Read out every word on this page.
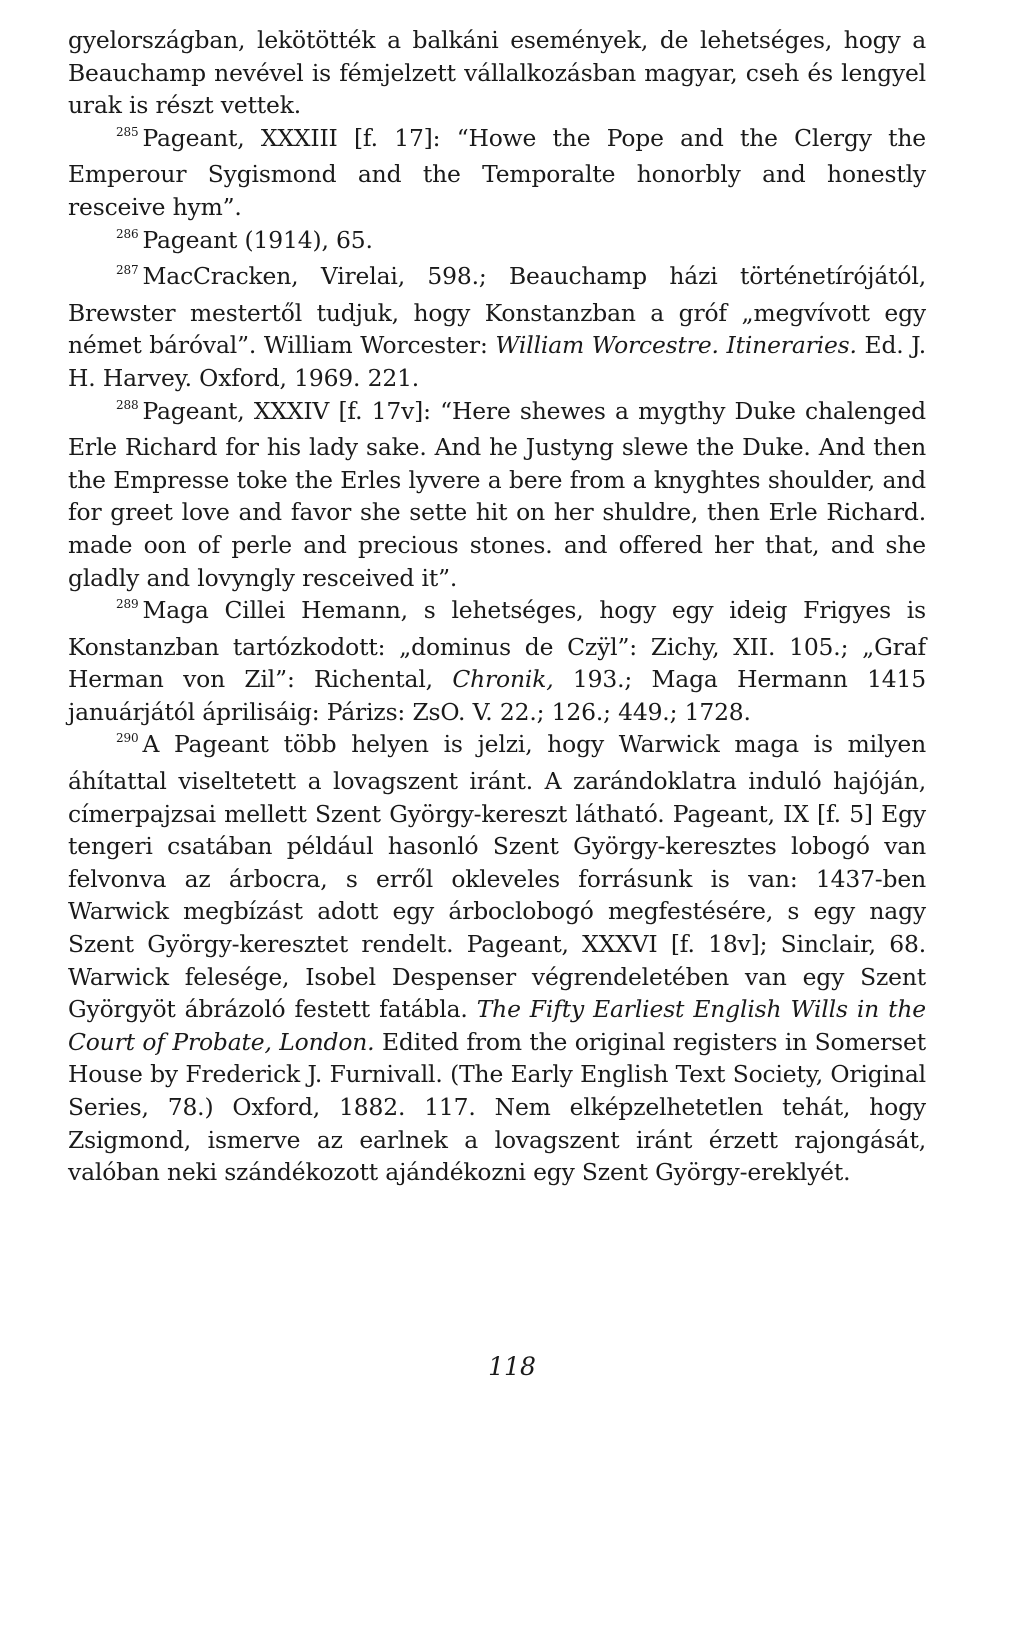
gyelországban, lekötötték a balkáni események, de lehetséges, hogy a Beauchamp nevével is fémjelzett vállalkozásban magyar, cseh és lengyel urak is részt vettek.

$^{285}$ Pageant, XXXIII [f. 17]: “Howe the Pope and the Clergy the Emperour Sygismond and the Temporalte honorbly and honestly resceive hym”.

$^{286}$ Pageant (1914), 65.

$^{287}$ MacCracken, Virelai, 598.; Beauchamp házi történetírójától, Brewster mestertől tudjuk, hogy Konstanzban a gróf „megvívott egy német báróval”. William Worcester: William Worcestre. Itineraries. Ed. J. H. Harvey. Oxford, 1969. 221.

$^{288}$ Pageant, XXXIV [f. 17v]: “Here shewes a mygthy Duke chalenged Erle Richard for his lady sake. And he Justyng slewe the Duke. And then the Empresse toke the Erles lyvere a bere from a knyghtes shoulder, and for greet love and favor she sette hit on her shuldre, then Erle Richard. made oon of perle and precious stones. and offered her that, and she gladly and lovyngly resceived it”.

$^{289}$ Maga Cillei Hemann, s lehetséges, hogy egy ideig Frigyes is Konstanzban tartózkodott: „dominus de Czÿl”: Zichy, XII. 105.; „Graf Herman von Zil”: Richental, Chronik, 193.; Maga Hermann 1415 januárjától áprilisáig: Párizs: ZsO. V. 22.; 126.; 449.; 1728.

$^{290}$ A Pageant több helyen is jelzi, hogy Warwick maga is milyen áhítattal viseltetett a lovagszent iránt. A zarándoklatra induló hajóján, címerpajzsai mellett Szent György-kereszt látható. Pageant, IX [f. 5] Egy tengeri csatában például hasonló Szent György-keresztes lobogó van felvonva az árbocra, s erről okleveles forrásunk is van: 1437-ben Warwick megbízást adott egy árboclobogó megfestésére, s egy nagy Szent György-keresztet rendelt. Pageant, XXXVI [f. 18v]; Sinclair, 68. Warwick felesége, Isobel Despenser végrendeletében van egy Szent Györgyöt ábrázoló festett fatábla. The Fifty Earliest English Wills in the Court of Probate, London. Edited from the original registers in Somerset House by Frederick J. Furnivall. (The Early English Text Society, Original Series, 78.) Oxford, 1882. 117. Nem elképzelhetetlen tehát, hogy Zsigmond, ismerve az earlnek a lovagszent iránt érzett rajongását, valóban neki szándékozott ajándékozni egy Szent György-ereklyét.

118
